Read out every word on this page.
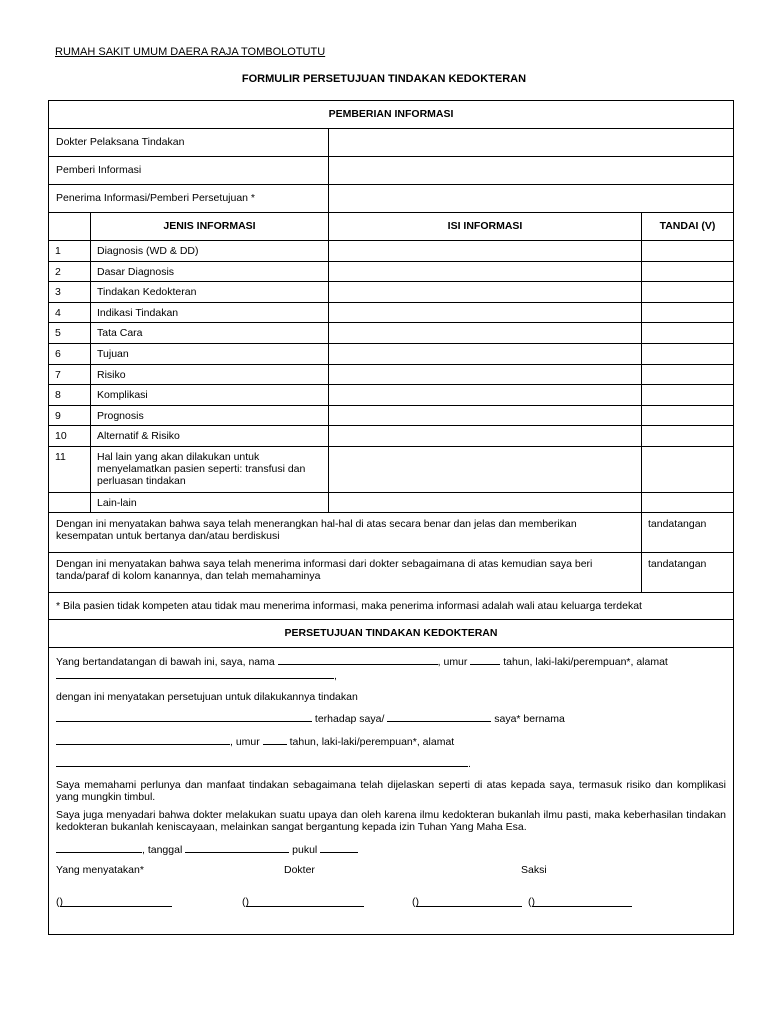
RUMAH SAKIT UMUM DAERA RAJA TOMBOLOTUTU
FORMULIR PERSETUJUAN TINDAKAN KEDOKTERAN
PEMBERIAN INFORMASI
Dokter Pelaksana Tindakan
Pemberi Informasi
Penerima Informasi/Pemberi Persetujuan *
JENIS INFORMASI	ISI INFORMASI	TANDAI (V)
1	Diagnosis (WD & DD)
2	Dasar Diagnosis
3	Tindakan Kedokteran
4	Indikasi Tindakan
5	Tata Cara
6	Tujuan
7	Risiko
8	Komplikasi
9	Prognosis
10	Alternatif & Risiko
11	Hal lain yang akan dilakukan untuk menyelamatkan pasien seperti: transfusi dan perluasan tindakan
Lain-lain
Dengan ini menyatakan bahwa saya telah menerangkan hal-hal di atas secara benar dan jelas dan memberikan kesempatan untuk bertanya dan/atau berdiskusi
tandatangan
Dengan ini menyatakan bahwa saya telah menerima informasi dari dokter sebagaimana di atas kemudian saya beri tanda/paraf di kolom kanannya, dan telah memahaminya
tandatangan
* Bila pasien tidak kompeten atau tidak mau menerima informasi, maka penerima informasi adalah wali atau keluarga terdekat
PERSETUJUAN TINDAKAN KEDOKTERAN

Yang bertandatangan di bawah ini, saya, nama	, umur	tahun, laki-laki/perempuan*, alamat

,

dengan ini menyatakan persetujuan untuk dilakukannya tindakan

terhadap saya/	saya* bernama

, umur	tahun, laki-laki/perempuan*, alamat

.

Saya memahami perlunya dan manfaat tindakan sebagaimana telah dijelaskan seperti di atas kepada saya, termasuk risiko dan komplikasi yang mungkin timbul.

Saya juga menyadari bahwa dokter melakukan suatu upaya dan oleh karena ilmu kedokteran bukanlah ilmu pasti, maka keberhasilan tindakan kedokteran bukanlah keniscayaan, melainkan sangat bergantung kepada izin Tuhan Yang Maha Esa.

, tanggal	pukul

Yang menyatakan*	Dokter	Saksi
(
)	(
)	(
)	(
)
